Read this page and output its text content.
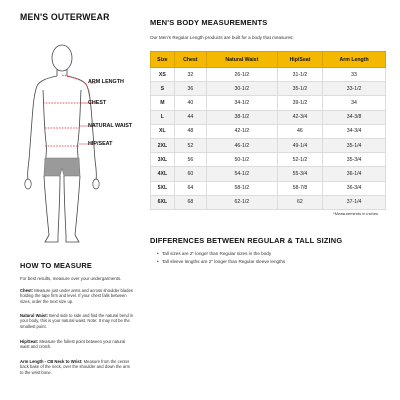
MEN'S OUTERWEAR
ARM LENGTH
CHEST
NATURAL WAIST
HIP/SEAT
MEN'S BODY MEASUREMENTS
Our Men's Regular Length products are built for a body that measures:
Size	Chest	Natural Waist	Hip/Seat	Arm Length
XS	32	26-1/2	31-1/2	33
S	36	30-1/2	35-1/2	33-1/2
M	40	34-1/2	39-1/2	34
L	44	38-1/2	42-3/4	34-3/8
XL	48	42-1/2	46	34-3/4
2XL	52	46-1/2	49-1/4	35-1/4
3XL	56	50-1/2	52-1/2	35-3/4
4XL	60	54-1/2	55-3/4	36-1/4
5XL	64	58-1/2	58-7/8	36-3/4
6XL	68	62-1/2	62	37-1/4
*Measurements in inches
DIFFERENCES BETWEEN REGULAR & TALL SIZING
• Tall sizes are 2" longer than Regular sizes in the body
• Tall sleeve lengths are 2" longer than Regular sleeve lengths
HOW TO MEASURE
For best results, measure over your undergarments.
Chest: Measure just under arms and across shoulder blades holding the tape firm and level. If your chest falls between sizes, order the next size up.
Natural Waist: Bend side to side and find the natural bend in your body, this is your natural waist. Note: It may not be the smallest point.
Hip/Seat: Measure the fullest point between your natural waist and crotch.
Arm Length - CB Neck to Wrist: Measure from the center back base of the neck, over the shoulder and down the arm to the wrist bone.
